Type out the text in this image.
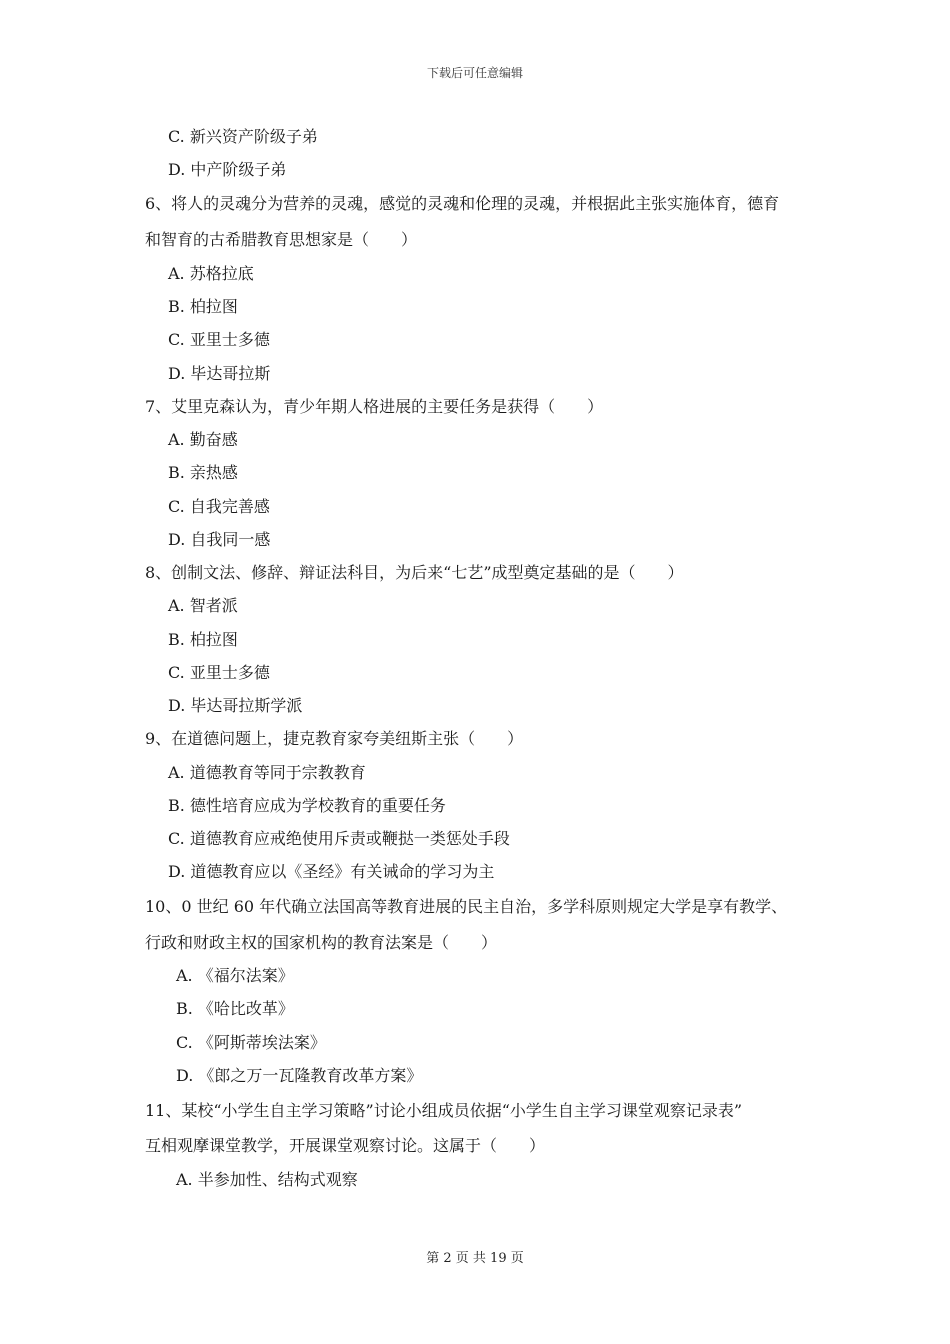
下载后可任意编辑
C. 新兴资产阶级子弟
D. 中产阶级子弟
6、将人的灵魂分为营养的灵魂，感觉的灵魂和伦理的灵魂，并根据此主张实施体育，德育
和智育的古希腊教育思想家是（　　）
A. 苏格拉底
B. 柏拉图
C. 亚里士多德
D. 毕达哥拉斯
7、艾里克森认为，青少年期人格进展的主要任务是获得（　　）
A. 勤奋感
B. 亲热感
C. 自我完善感
D. 自我同一感
8、创制文法、修辞、辩证法科目，为后来“七艺”成型奠定基础的是（　　）
A. 智者派
B. 柏拉图
C. 亚里士多德
D. 毕达哥拉斯学派
9、在道德问题上，捷克教育家夸美纽斯主张（　　）
A. 道德教育等同于宗教教育
B. 德性培育应成为学校教育的重要任务
C. 道德教育应戒绝使用斥责或鞭挞一类惩处手段
D. 道德教育应以《圣经》有关诫命的学习为主
10、0 世纪 60 年代确立法国高等教育进展的民主自治，多学科原则规定大学是享有教学、
行政和财政主权的国家机构的教育法案是（　　）
A. 《福尔法案》
B. 《哈比改革》
C. 《阿斯蒂埃法案》
D. 《郎之万一瓦隆教育改革方案》
11、某校“小学生自主学习策略”讨论小组成员依据“小学生自主学习课堂观察记录表”
互相观摩课堂教学，开展课堂观察讨论。这属于（　　）
A. 半参加性、结构式观察
第 2 页 共 19 页
